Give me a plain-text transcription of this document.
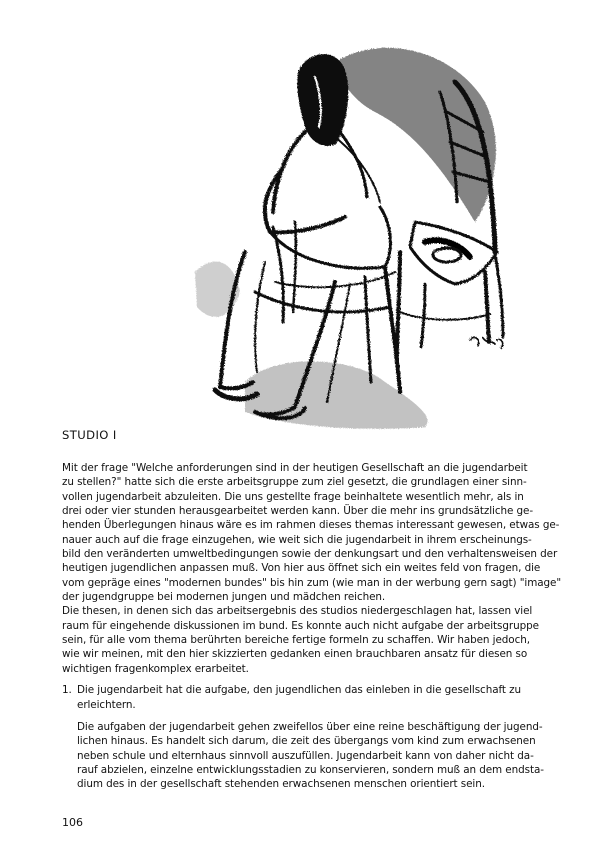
STUDIO I

Mit der frage "Welche anforderungen sind in der heutigen Gesellschaft an die jugendarbeit
zu stellen?" hatte sich die erste arbeitsgruppe zum ziel gesetzt, die grundlagen einer sinn-
vollen jugendarbeit abzuleiten. Die uns gestellte frage beinhaltete wesentlich mehr, als in
drei oder vier stunden herausgearbeitet werden kann. Über die mehr ins grundsätzliche ge-
henden Überlegungen hinaus wäre es im rahmen dieses themas interessant gewesen, etwas ge-
nauer auch auf die frage einzugehen, wie weit sich die jugendarbeit in ihrem erscheinungs-
bild den veränderten umweltbedingungen sowie der denkungsart und den verhaltensweisen der
heutigen jugendlichen anpassen muß. Von hier aus öffnet sich ein weites feld von fragen, die
vom gepräge eines "modernen bundes" bis hin zum (wie man in der werbung gern sagt) "image"
der jugendgruppe bei modernen jungen und mädchen reichen.

Die thesen, in denen sich das arbeitsergebnis des studios niedergeschlagen hat, lassen viel
raum für eingehende diskussionen im bund. Es konnte auch nicht aufgabe der arbeitsgruppe
sein, für alle vom thema berührten bereiche fertige formeln zu schaffen. Wir haben jedoch,
wie wir meinen, mit den hier skizzierten gedanken einen brauchbaren ansatz für diesen so
wichtigen fragenkomplex erarbeitet.

1. Die jugendarbeit hat die aufgabe, den jugendlichen das einleben in die gesellschaft zu
erleichtern.

Die aufgaben der jugendarbeit gehen zweifellos über eine reine beschäftigung der jugend-
lichen hinaus. Es handelt sich darum, die zeit des übergangs vom kind zum erwachsenen
neben schule und elternhaus sinnvoll auszufüllen. Jugendarbeit kann von daher nicht da-
rauf abzielen, einzelne entwicklungsstadien zu konservieren, sondern muß an dem endsta-
dium des in der gesellschaft stehenden erwachsenen menschen orientiert sein.

106
